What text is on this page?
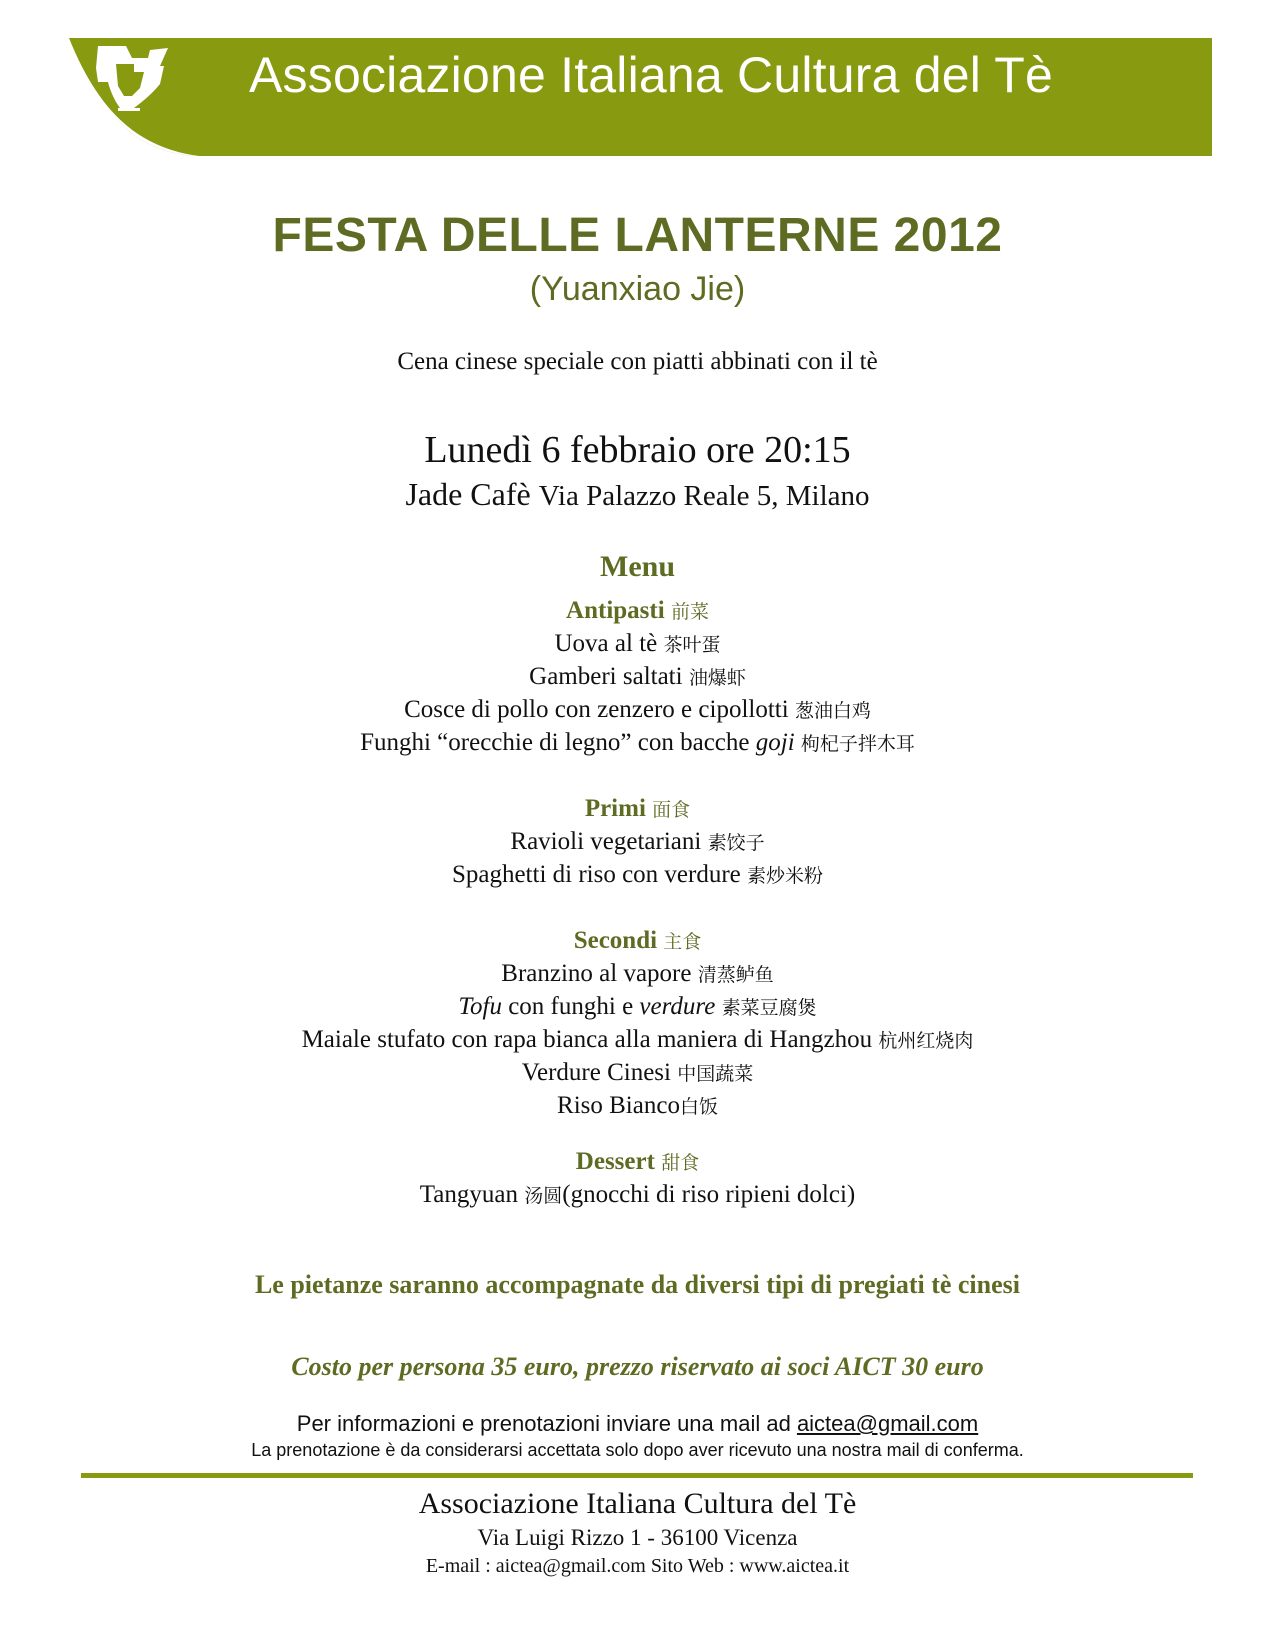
Associazione Italiana Cultura del Tè
FESTA DELLE LANTERNE 2012
(Yuanxiao Jie)
Cena cinese speciale con piatti abbinati con il tè
Lunedì 6 febbraio ore 20:15
Jade Cafè Via Palazzo Reale 5, Milano
Menu
Antipasti 前菜
Uova al tè 茶叶蛋
Gamberi saltati 油爆虾
Cosce di pollo con zenzero e cipollotti 葱油白鸡
Funghi “orecchie di legno” con bacche goji 枸杞子拌木耳
Primi 面食
Ravioli vegetariani 素饺子
Spaghetti di riso con verdure 素炒米粉
Secondi 主食
Branzino al vapore 清蒸鲈鱼
Tofu con funghi e verdure 素菜豆腐煲
Maiale stufato con rapa bianca alla maniera di Hangzhou 杭州红烧肉
Verdure Cinesi 中国蔬菜
Riso Bianco白饭
Dessert 甜食
Tangyuan 汤圆(gnocchi di riso ripieni dolci)
Le pietanze saranno accompagnate da diversi tipi di pregiati tè cinesi
Costo per persona 35 euro, prezzo riservato ai soci AICT 30 euro
Per informazioni e prenotazioni inviare una mail ad aictea@gmail.com
La prenotazione è da considerarsi accettata solo dopo aver ricevuto una nostra mail di conferma.
Associazione Italiana Cultura del Tè
Via Luigi Rizzo 1 - 36100 Vicenza
E-mail : aictea@gmail.com Sito Web : www.aictea.it
